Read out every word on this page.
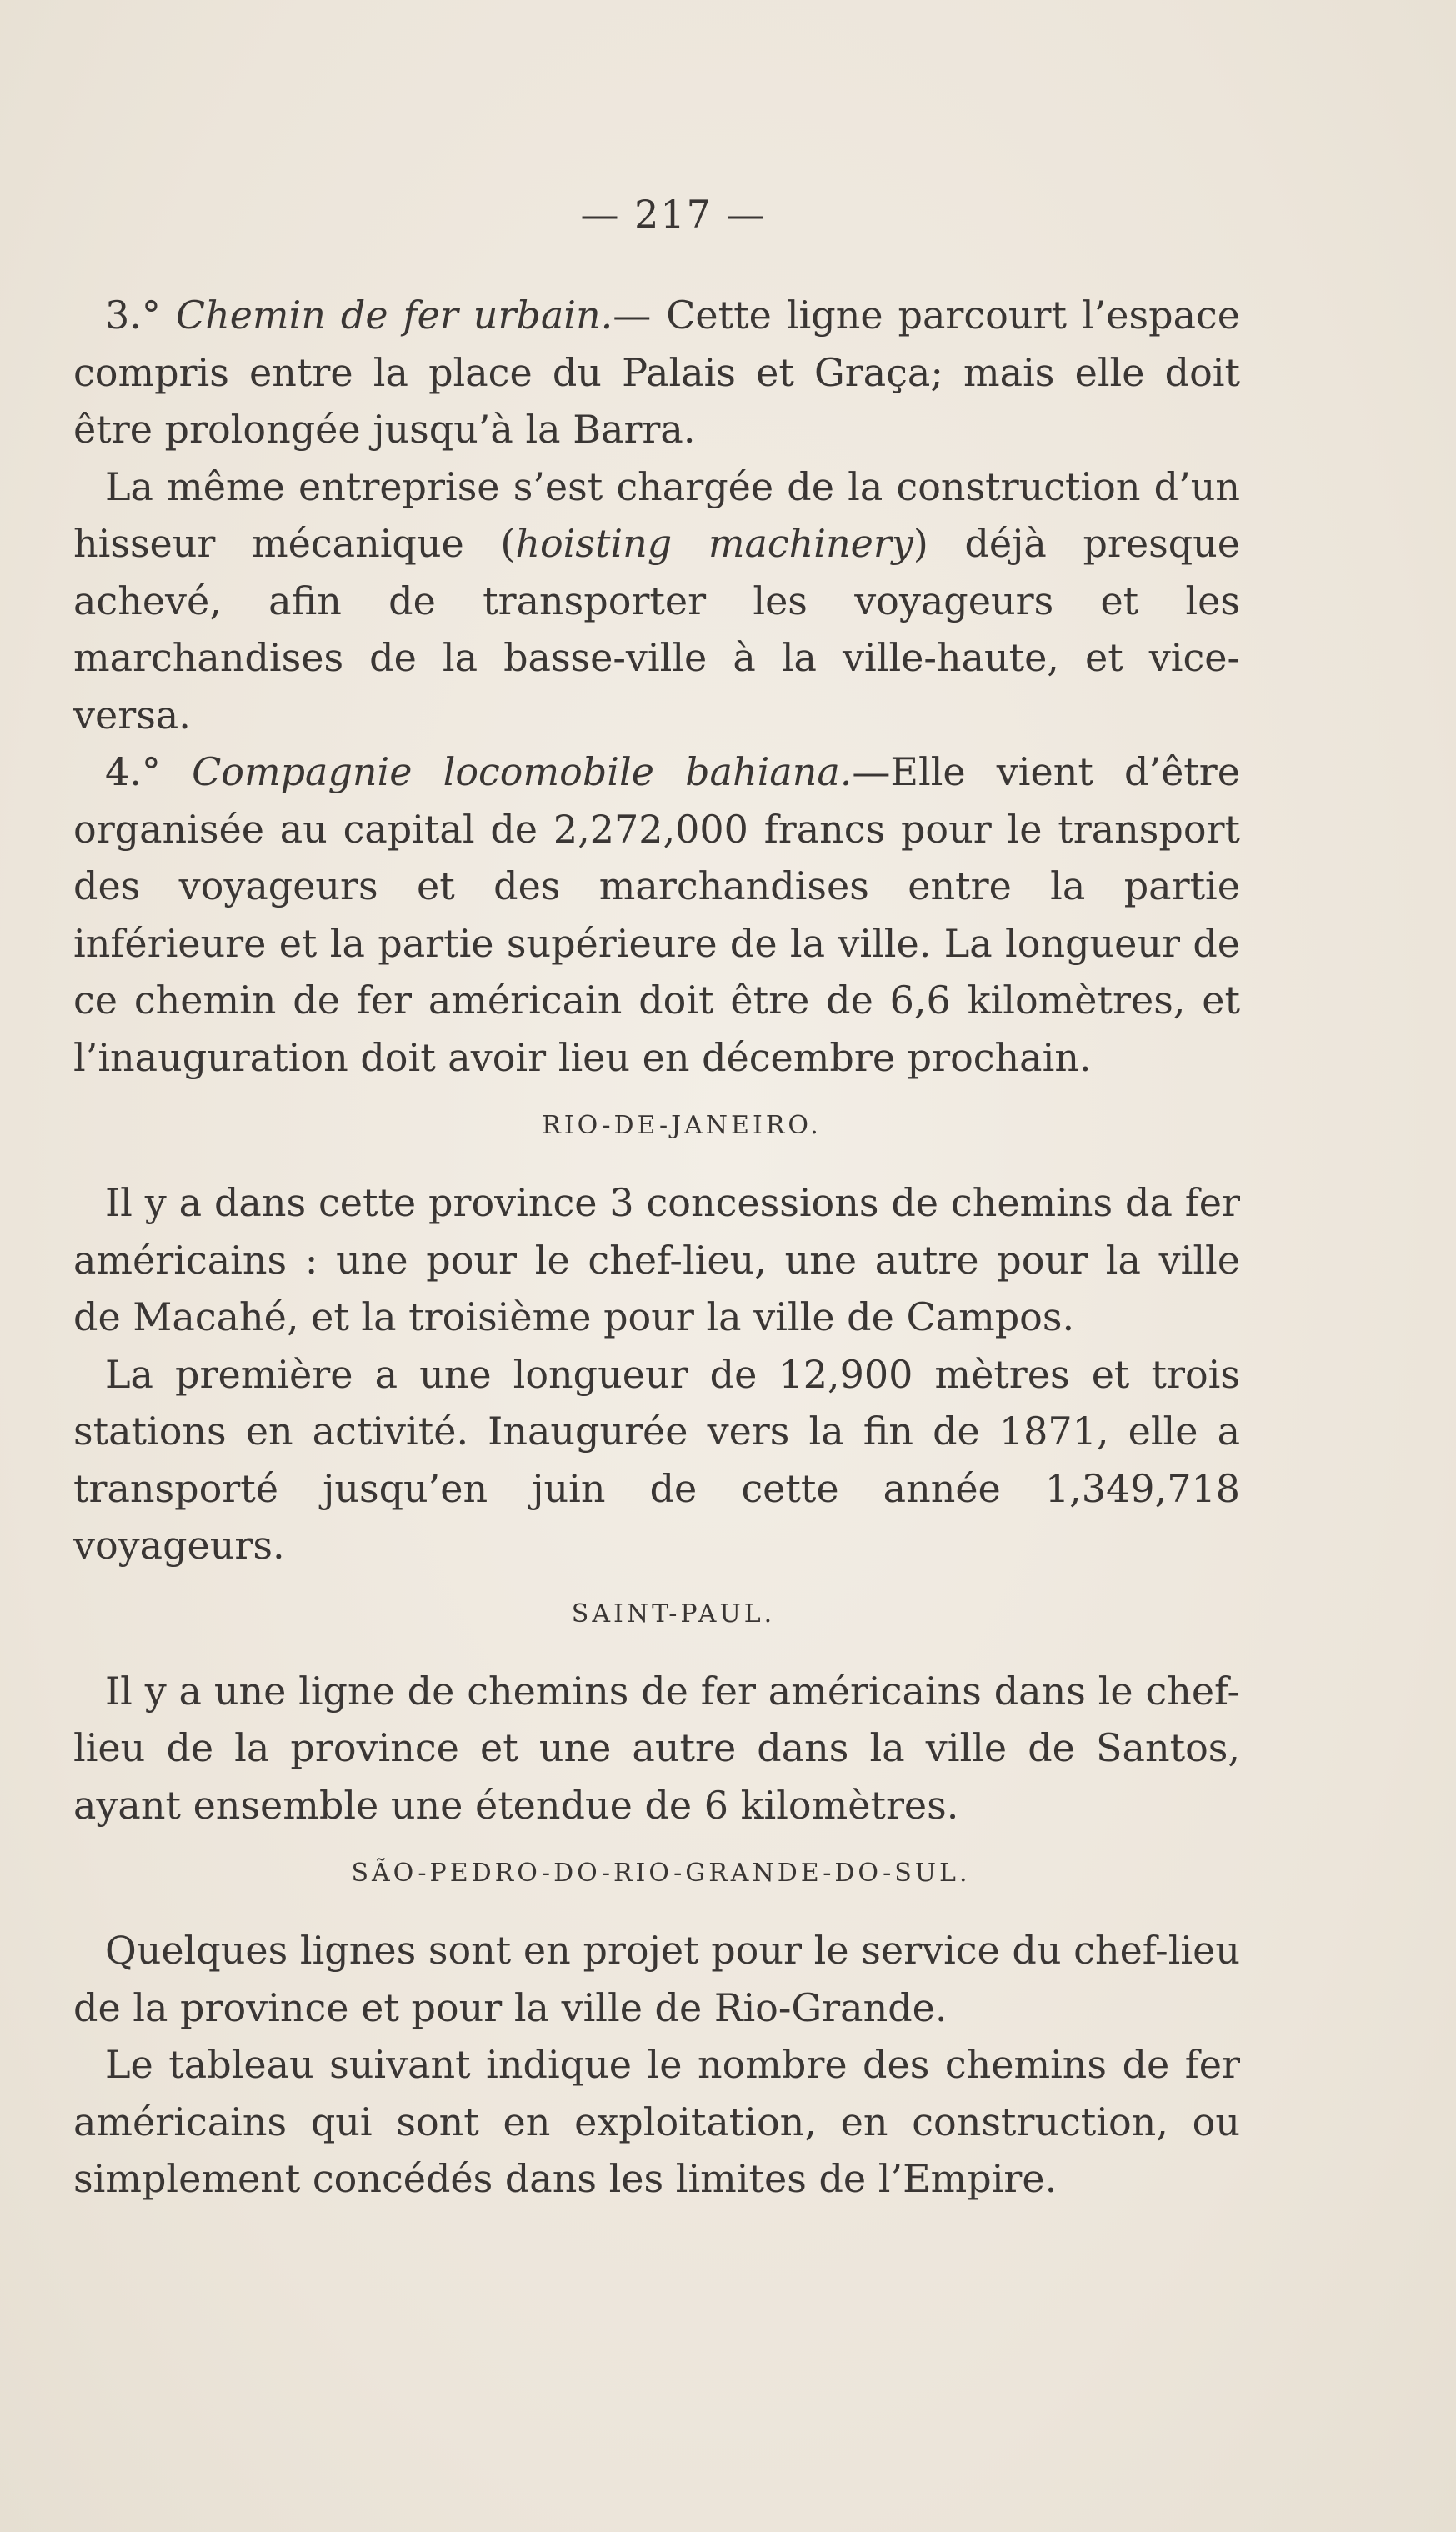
— 217 —

3.° Chemin de fer urbain.— Cette ligne parcourt l’espace compris entre la place du Palais et Graça; mais elle doit être prolongée jusqu’à la Barra.

La même entreprise s’est chargée de la construction d’un hisseur mécanique (hoisting machinery) déjà presque achevé, afin de transporter les voyageurs et les marchandises de la basse-ville à la ville-haute, et vice-versa.

4.° Compagnie locomobile bahiana.—Elle vient d’être organisée au capital de 2,272,000 francs pour le transport des voyageurs et des marchandises entre la partie inférieure et la partie supérieure de la ville. La longueur de ce chemin de fer américain doit être de 6,6 kilomètres, et l’inauguration doit avoir lieu en décembre prochain.

RIO-DE-JANEIRO.

Il y a dans cette province 3 concessions de chemins da fer américains : une pour le chef-lieu, une autre pour la ville de Macahé, et la troisième pour la ville de Campos.

La première a une longueur de 12,900 mètres et trois stations en activité. Inaugurée vers la fin de 1871, elle a transporté jusqu’en juin de cette année 1,349,718 voyageurs.

SAINT-PAUL.

Il y a une ligne de chemins de fer américains dans le chef-lieu de la province et une autre dans la ville de Santos, ayant ensemble une étendue de 6 kilomètres.

SÃO-PEDRO-DO-RIO-GRANDE-DO-SUL.

Quelques lignes sont en projet pour le service du chef-lieu de la province et pour la ville de Rio-Grande.

Le tableau suivant indique le nombre des chemins de fer américains qui sont en exploitation, en construction, ou simplement concédés dans les limites de l’Empire.
